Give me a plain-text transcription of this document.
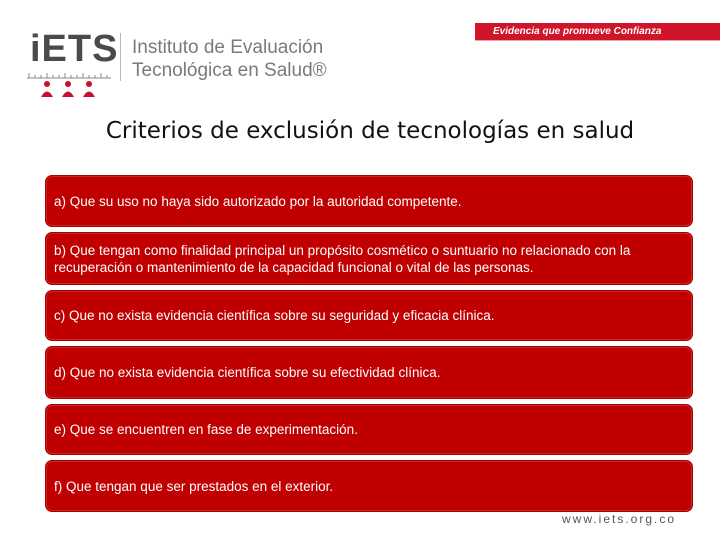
iETS Instituto de Evaluación
Tecnológica en Salud®
Evidencia que promueve Confianza
Criterios de exclusión de tecnologías en salud
a) Que su uso no haya sido autorizado por la autoridad competente.
b) Que tengan como finalidad principal un propósito cosmético o suntuario no relacionado con la recuperación o mantenimiento de la capacidad funcional o vital de las personas.
c) Que no exista evidencia científica sobre su seguridad y eficacia clínica.
d) Que no exista evidencia científica sobre su efectividad clínica.
e) Que se encuentren en fase de experimentación.
f) Que tengan que ser prestados en el exterior.
www.iets.org.co
